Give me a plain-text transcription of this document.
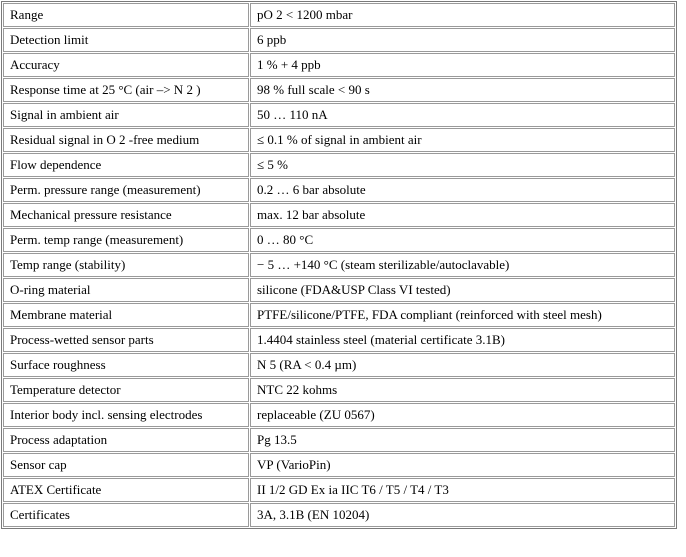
Range	pO 2 < 1200 mbar
Detection limit	6 ppb
Accuracy	1 % + 4 ppb
Response time at 25 °C (air –> N 2 )	98 % full scale < 90 s
Signal in ambient air	50 … 110 nA
Residual signal in O 2 -free medium	≤ 0.1 % of signal in ambient air
Flow dependence	≤ 5 %
Perm. pressure range (measurement)	0.2 … 6 bar absolute
Mechanical pressure resistance	max. 12 bar absolute
Perm. temp range (measurement)	0 … 80 °C
Temp range (stability)	− 5 … +140 °C (steam sterilizable/autoclavable)
O-ring material	silicone (FDA&USP Class VI tested)
Membrane material	PTFE/silicone/PTFE, FDA compliant (reinforced with steel mesh)
Process-wetted sensor parts	1.4404 stainless steel (material certificate 3.1B)
Surface roughness	N 5 (RA < 0.4 µm)
Temperature detector	NTC 22 kohms
Interior body incl. sensing electrodes	replaceable (ZU 0567)
Process adaptation	Pg 13.5
Sensor cap	VP (VarioPin)
ATEX Certificate	II 1/2 GD Ex ia IIC T6 / T5 / T4 / T3
Certificates	3A, 3.1B (EN 10204)
